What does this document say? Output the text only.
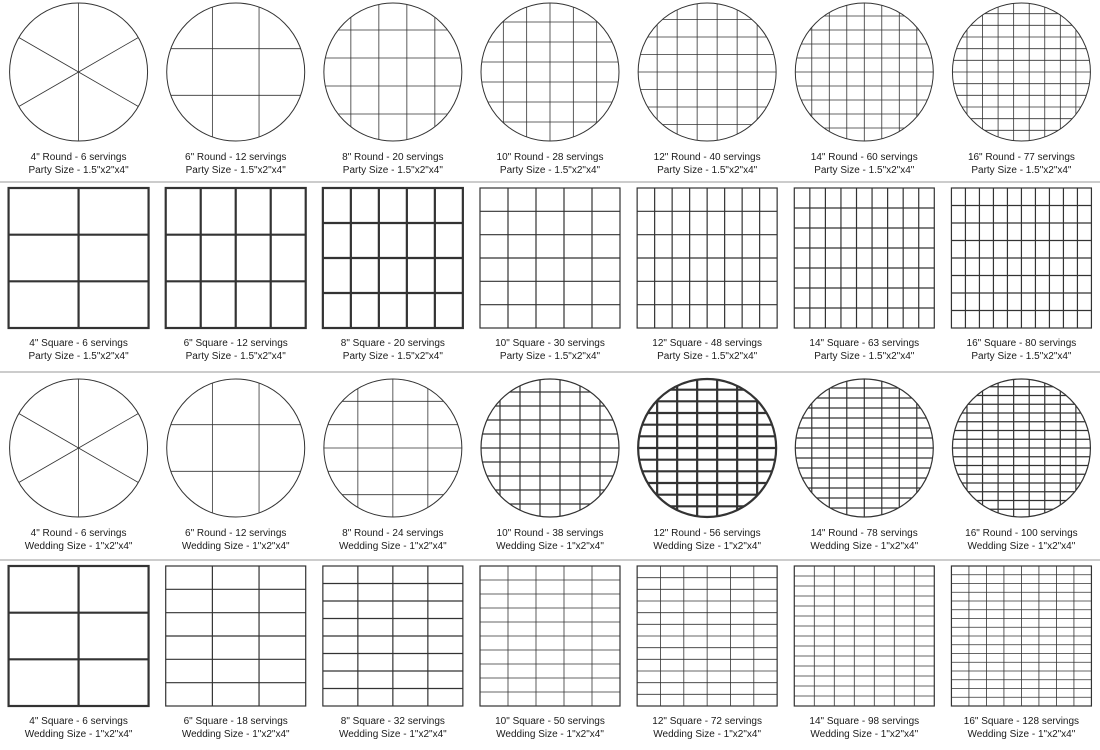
4" Round - 6 servings
Party Size - 1.5"x2"x4"
6" Round - 12 servings
Party Size - 1.5"x2"x4"
8" Round - 20 servings
Party Size - 1.5"x2"x4"
10" Round - 28 servings
Party Size - 1.5"x2"x4"
12" Round - 40 servings
Party Size - 1.5"x2"x4"
14" Round - 60 servings
Party Size - 1.5"x2"x4"
16" Round - 77 servings
Party Size - 1.5"x2"x4"
4" Square - 6 servings
Party Size - 1.5"x2"x4"
6" Square - 12 servings
Party Size - 1.5"x2"x4"
8" Square - 20 servings
Party Size - 1.5"x2"x4"
10" Square - 30 servings
Party Size - 1.5"x2"x4"
12" Square - 48 servings
Party Size - 1.5"x2"x4"
14" Square - 63 servings
Party Size - 1.5"x2"x4"
16" Square - 80 servings
Party Size - 1.5"x2"x4"
4" Round - 6 servings
Wedding Size - 1"x2"x4"
6" Round - 12 servings
Wedding Size - 1"x2"x4"
8" Round - 24 servings
Wedding Size - 1"x2"x4"
10" Round - 38 servings
Wedding Size - 1"x2"x4"
12" Round - 56 servings
Wedding Size - 1"x2"x4"
14" Round - 78 servings
Wedding Size - 1"x2"x4"
16" Round - 100 servings
Wedding Size - 1"x2"x4"
4" Square - 6 servings
Wedding Size - 1"x2"x4"
6" Square - 18 servings
Wedding Size - 1"x2"x4"
8" Square - 32 servings
Wedding Size - 1"x2"x4"
10" Square - 50 servings
Wedding Size - 1"x2"x4"
12" Square - 72 servings
Wedding Size - 1"x2"x4"
14" Square - 98 servings
Wedding Size - 1"x2"x4"
16" Square - 128 servings
Wedding Size - 1"x2"x4"
